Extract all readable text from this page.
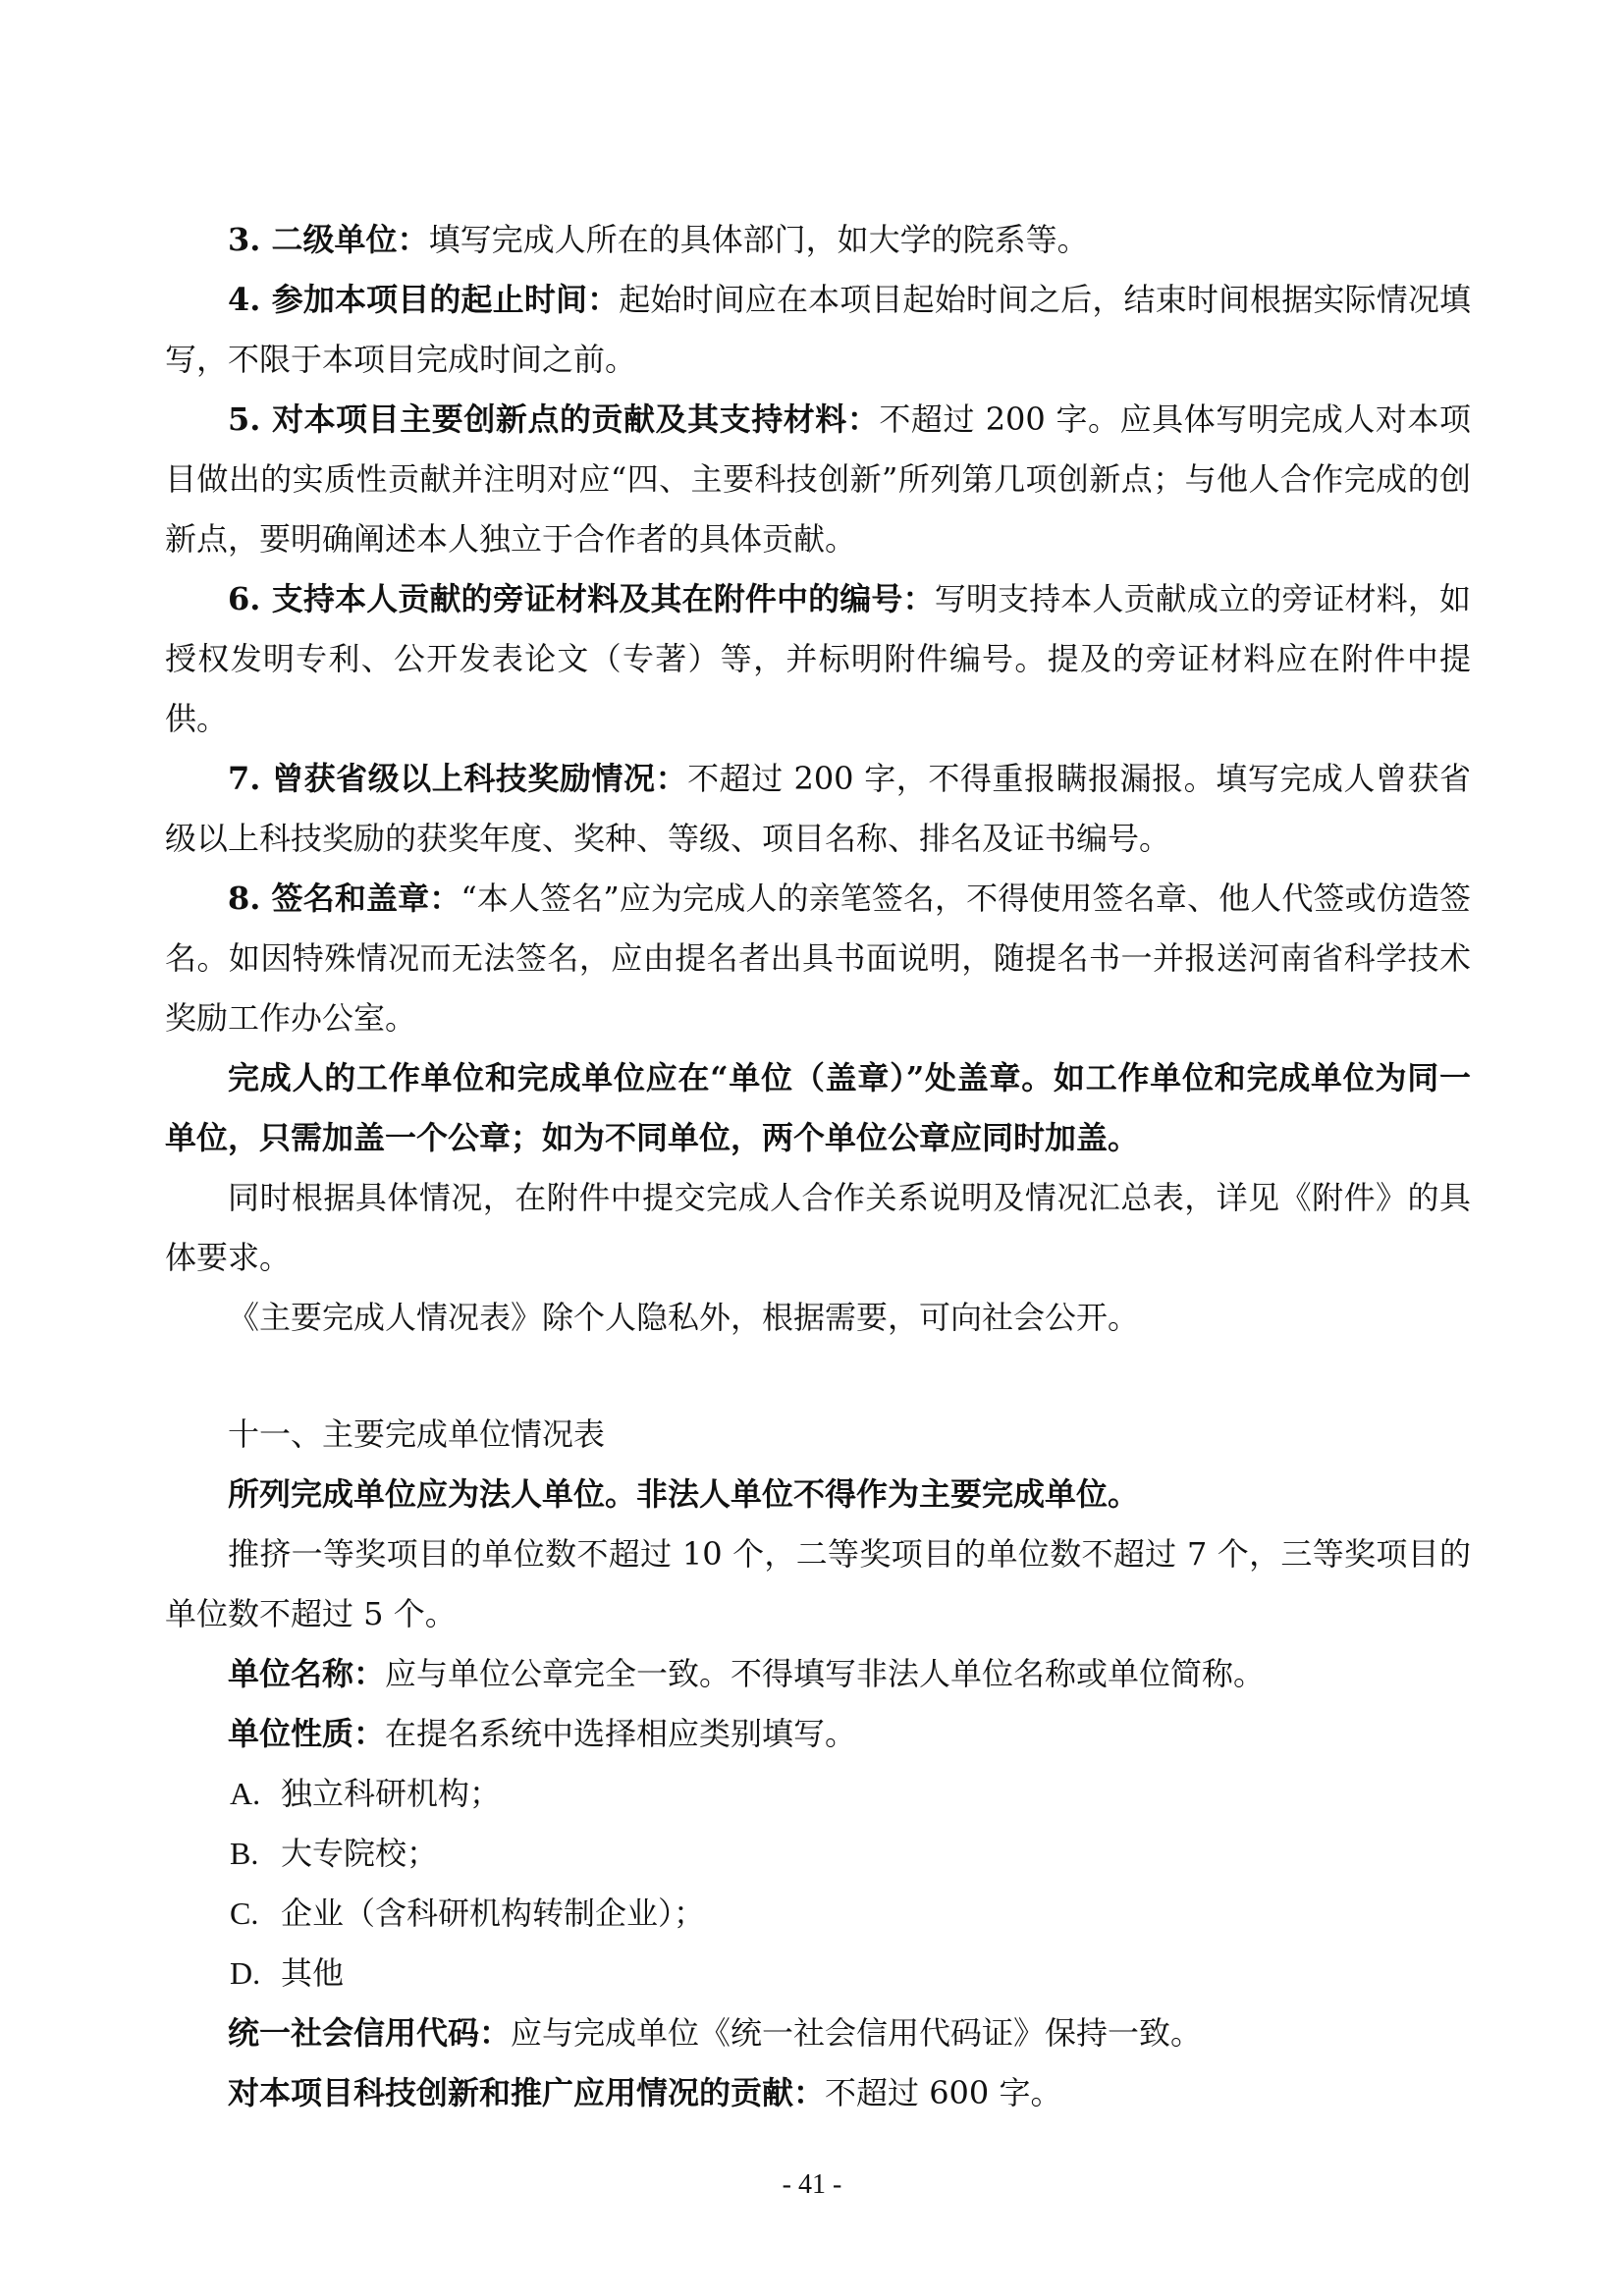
3. 二级单位：填写完成人所在的具体部门，如大学的院系等。

4. 参加本项目的起止时间：起始时间应在本项目起始时间之后，结束时间根据实际情况填写，不限于本项目完成时间之前。

5. 对本项目主要创新点的贡献及其支持材料：不超过 200 字。应具体写明完成人对本项目做出的实质性贡献并注明对应“四、主要科技创新”所列第几项创新点；与他人合作完成的创新点，要明确阐述本人独立于合作者的具体贡献。

6. 支持本人贡献的旁证材料及其在附件中的编号：写明支持本人贡献成立的旁证材料，如授权发明专利、公开发表论文（专著）等，并标明附件编号。提及的旁证材料应在附件中提供。

7. 曾获省级以上科技奖励情况：不超过 200 字，不得重报瞒报漏报。填写完成人曾获省级以上科技奖励的获奖年度、奖种、等级、项目名称、排名及证书编号。

8. 签名和盖章：“本人签名”应为完成人的亲笔签名，不得使用签名章、他人代签或仿造签名。如因特殊情况而无法签名，应由提名者出具书面说明，随提名书一并报送河南省科学技术奖励工作办公室。

完成人的工作单位和完成单位应在“单位（盖章）”处盖章。如工作单位和完成单位为同一单位，只需加盖一个公章；如为不同单位，两个单位公章应同时加盖。

同时根据具体情况，在附件中提交完成人合作关系说明及情况汇总表，详见《附件》的具体要求。

《主要完成人情况表》除个人隐私外，根据需要，可向社会公开。

十一、主要完成单位情况表

所列完成单位应为法人单位。非法人单位不得作为主要完成单位。

推挤一等奖项目的单位数不超过 10 个，二等奖项目的单位数不超过 7 个，三等奖项目的单位数不超过 5 个。

单位名称：应与单位公章完全一致。不得填写非法人单位名称或单位简称。

单位性质：在提名系统中选择相应类别填写。

A. 独立科研机构；

B. 大专院校；

C. 企业（含科研机构转制企业）；

D. 其他

统一社会信用代码：应与完成单位《统一社会信用代码证》保持一致。

对本项目科技创新和推广应用情况的贡献：不超过 600 字。

- 41 -
